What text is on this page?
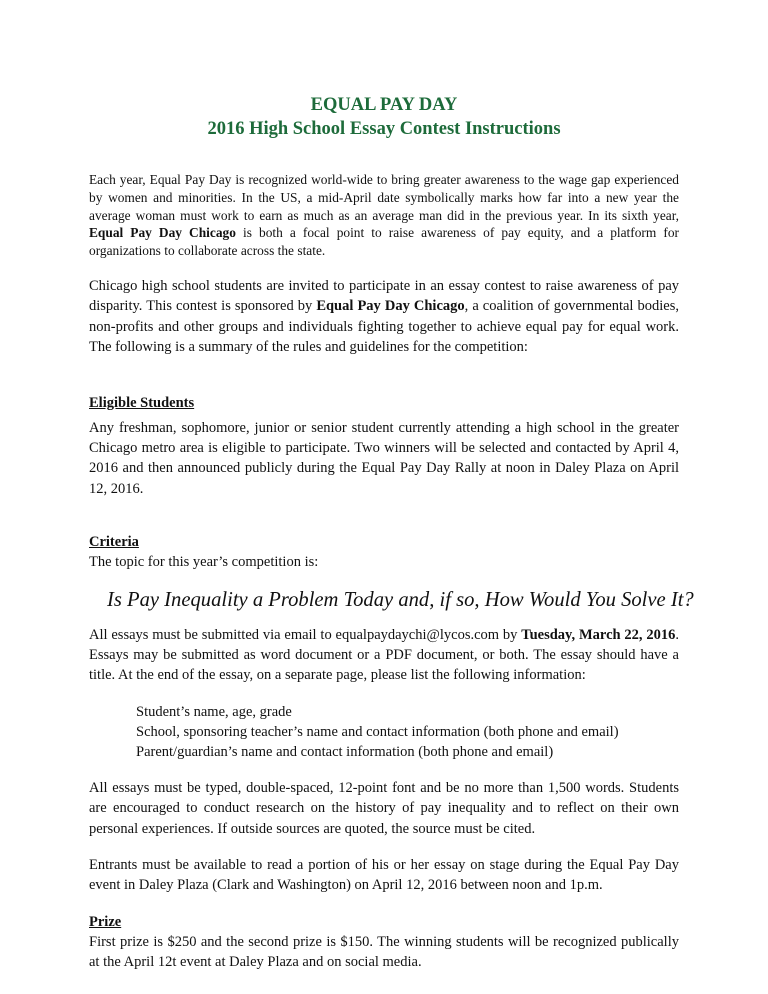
EQUAL PAY DAY
2016 High School Essay Contest Instructions

Each year, Equal Pay Day is recognized world-wide to bring greater awareness to the wage gap experienced by women and minorities. In the US, a mid-April date symbolically marks how far into a new year the average woman must work to earn as much as an average man did in the previous year. In its sixth year, Equal Pay Day Chicago is both a focal point to raise awareness of pay equity, and a platform for organizations to collaborate across the state.

Chicago high school students are invited to participate in an essay contest to raise awareness of pay disparity. This contest is sponsored by Equal Pay Day Chicago, a coalition of governmental bodies, non-profits and other groups and individuals fighting together to achieve equal pay for equal work. The following is a summary of the rules and guidelines for the competition:

Eligible Students

Any freshman, sophomore, junior or senior student currently attending a high school in the greater Chicago metro area is eligible to participate. Two winners will be selected and contacted by April 4, 2016 and then announced publicly during the Equal Pay Day Rally at noon in Daley Plaza on April 12, 2016.

Criteria

The topic for this year’s competition is:

Is Pay Inequality a Problem Today and, if so, How Would You Solve It?

All essays must be submitted via email to equalpaydaychi@lycos.com by Tuesday, March 22, 2016. Essays may be submitted as word document or a PDF document, or both. The essay should have a title. At the end of the essay, on a separate page, please list the following information:

Student’s name, age, grade
School, sponsoring teacher’s name and contact information (both phone and email)
Parent/guardian’s name and contact information (both phone and email)

All essays must be typed, double-spaced, 12-point font and be no more than 1,500 words. Students are encouraged to conduct research on the history of pay inequality and to reflect on their own personal experiences. If outside sources are quoted, the source must be cited.

Entrants must be available to read a portion of his or her essay on stage during the Equal Pay Day event in Daley Plaza (Clark and Washington) on April 12, 2016 between noon and 1p.m.

Prize

First prize is $250 and the second prize is $150. The winning students will be recognized publically at the April 12t event at Daley Plaza and on social media.
